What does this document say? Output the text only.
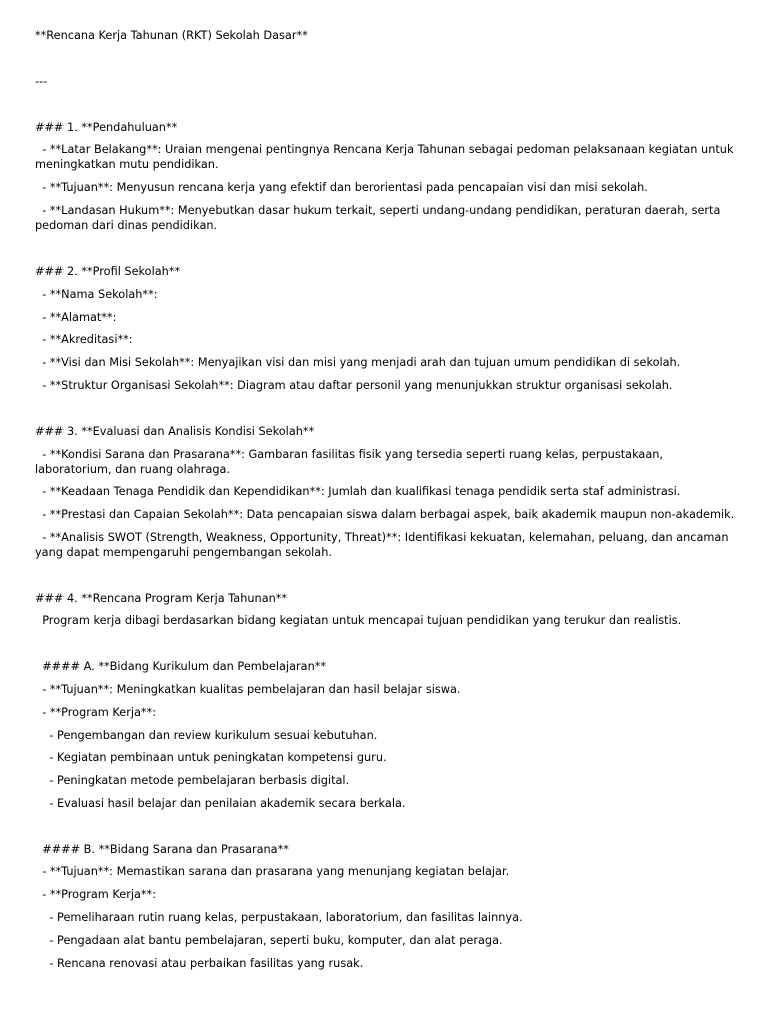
**Rencana Kerja Tahunan (RKT) Sekolah Dasar**

---

### 1. **Pendahuluan**

- **Latar Belakang**: Uraian mengenai pentingnya Rencana Kerja Tahunan sebagai pedoman pelaksanaan kegiatan untuk meningkatkan mutu pendidikan.

- **Tujuan**: Menyusun rencana kerja yang efektif dan berorientasi pada pencapaian visi dan misi sekolah.

- **Landasan Hukum**: Menyebutkan dasar hukum terkait, seperti undang-undang pendidikan, peraturan daerah, serta pedoman dari dinas pendidikan.

### 2. **Profil Sekolah**

- **Nama Sekolah**:

- **Alamat**:

- **Akreditasi**:

- **Visi dan Misi Sekolah**: Menyajikan visi dan misi yang menjadi arah dan tujuan umum pendidikan di sekolah.

- **Struktur Organisasi Sekolah**: Diagram atau daftar personil yang menunjukkan struktur organisasi sekolah.

### 3. **Evaluasi dan Analisis Kondisi Sekolah**

- **Kondisi Sarana dan Prasarana**: Gambaran fasilitas fisik yang tersedia seperti ruang kelas, perpustakaan, laboratorium, dan ruang olahraga.

- **Keadaan Tenaga Pendidik dan Kependidikan**: Jumlah dan kualifikasi tenaga pendidik serta staf administrasi.

- **Prestasi dan Capaian Sekolah**: Data pencapaian siswa dalam berbagai aspek, baik akademik maupun non-akademik.

- **Analisis SWOT (Strength, Weakness, Opportunity, Threat)**: Identifikasi kekuatan, kelemahan, peluang, dan ancaman yang dapat mempengaruhi pengembangan sekolah.

### 4. **Rencana Program Kerja Tahunan**

Program kerja dibagi berdasarkan bidang kegiatan untuk mencapai tujuan pendidikan yang terukur dan realistis.

#### A. **Bidang Kurikulum dan Pembelajaran**

- **Tujuan**: Meningkatkan kualitas pembelajaran dan hasil belajar siswa.

- **Program Kerja**:

- Pengembangan dan review kurikulum sesuai kebutuhan.

- Kegiatan pembinaan untuk peningkatan kompetensi guru.

- Peningkatan metode pembelajaran berbasis digital.

- Evaluasi hasil belajar dan penilaian akademik secara berkala.

#### B. **Bidang Sarana dan Prasarana**

- **Tujuan**: Memastikan sarana dan prasarana yang menunjang kegiatan belajar.

- **Program Kerja**:

- Pemeliharaan rutin ruang kelas, perpustakaan, laboratorium, dan fasilitas lainnya.

- Pengadaan alat bantu pembelajaran, seperti buku, komputer, dan alat peraga.

- Rencana renovasi atau perbaikan fasilitas yang rusak.
